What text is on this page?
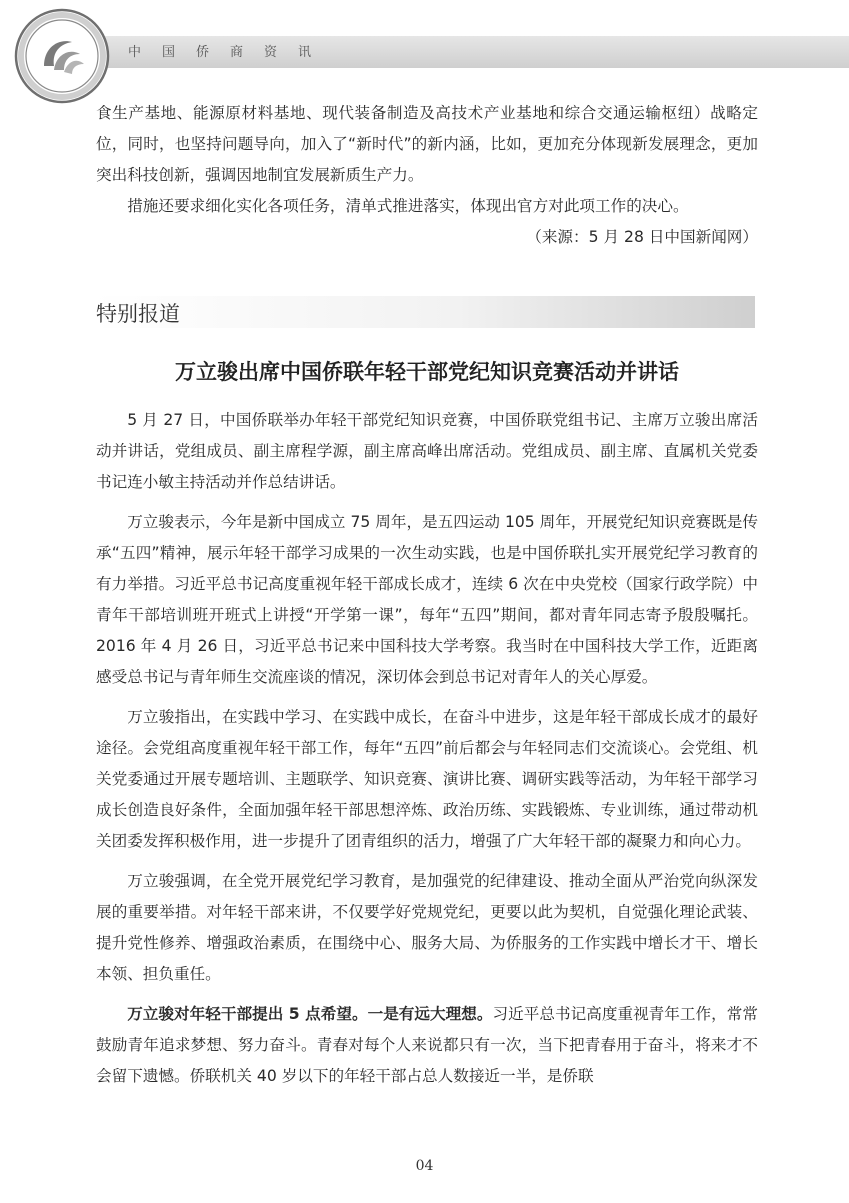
中国侨商资讯

食生产基地、能源原材料基地、现代装备制造及高技术产业基地和综合交通运输枢纽）战略定位，同时，也坚持问题导向，加入了“新时代”的新内涵，比如，更加充分体现新发展理念，更加突出科技创新，强调因地制宜发展新质生产力。

措施还要求细化实化各项任务，清单式推进落实，体现出官方对此项工作的决心。

（来源：5 月 28 日中国新闻网）

特别报道
万立骏出席中国侨联年轻干部党纪知识竞赛活动并讲话

5 月 27 日，中国侨联举办年轻干部党纪知识竞赛，中国侨联党组书记、主席万立骏出席活动并讲话，党组成员、副主席程学源，副主席高峰出席活动。党组成员、副主席、直属机关党委书记连小敏主持活动并作总结讲话。

万立骏表示，今年是新中国成立 75 周年，是五四运动 105 周年，开展党纪知识竞赛既是传承“五四”精神，展示年轻干部学习成果的一次生动实践，也是中国侨联扎实开展党纪学习教育的有力举措。习近平总书记高度重视年轻干部成长成才，连续 6 次在中央党校（国家行政学院）中青年干部培训班开班式上讲授“开学第一课”，每年“五四”期间，都对青年同志寄予殷殷嘱托。2016 年 4 月 26 日，习近平总书记来中国科技大学考察。我当时在中国科技大学工作，近距离感受总书记与青年师生交流座谈的情况，深切体会到总书记对青年人的关心厚爱。

万立骏指出，在实践中学习、在实践中成长，在奋斗中进步，这是年轻干部成长成才的最好途径。会党组高度重视年轻干部工作，每年“五四”前后都会与年轻同志们交流谈心。会党组、机关党委通过开展专题培训、主题联学、知识竞赛、演讲比赛、调研实践等活动，为年轻干部学习成长创造良好条件，全面加强年轻干部思想淬炼、政治历练、实践锻炼、专业训练，通过带动机关团委发挥积极作用，进一步提升了团青组织的活力，增强了广大年轻干部的凝聚力和向心力。

万立骏强调，在全党开展党纪学习教育，是加强党的纪律建设、推动全面从严治党向纵深发展的重要举措。对年轻干部来讲，不仅要学好党规党纪，更要以此为契机，自觉强化理论武装、提升党性修养、增强政治素质，在围绕中心、服务大局、为侨服务的工作实践中增长才干、增长本领、担负重任。

万立骏对年轻干部提出 5 点希望。一是有远大理想。习近平总书记高度重视青年工作，常常鼓励青年追求梦想、努力奋斗。青春对每个人来说都只有一次，当下把青春用于奋斗，将来才不会留下遗憾。侨联机关 40 岁以下的年轻干部占总人数接近一半，是侨联

04
